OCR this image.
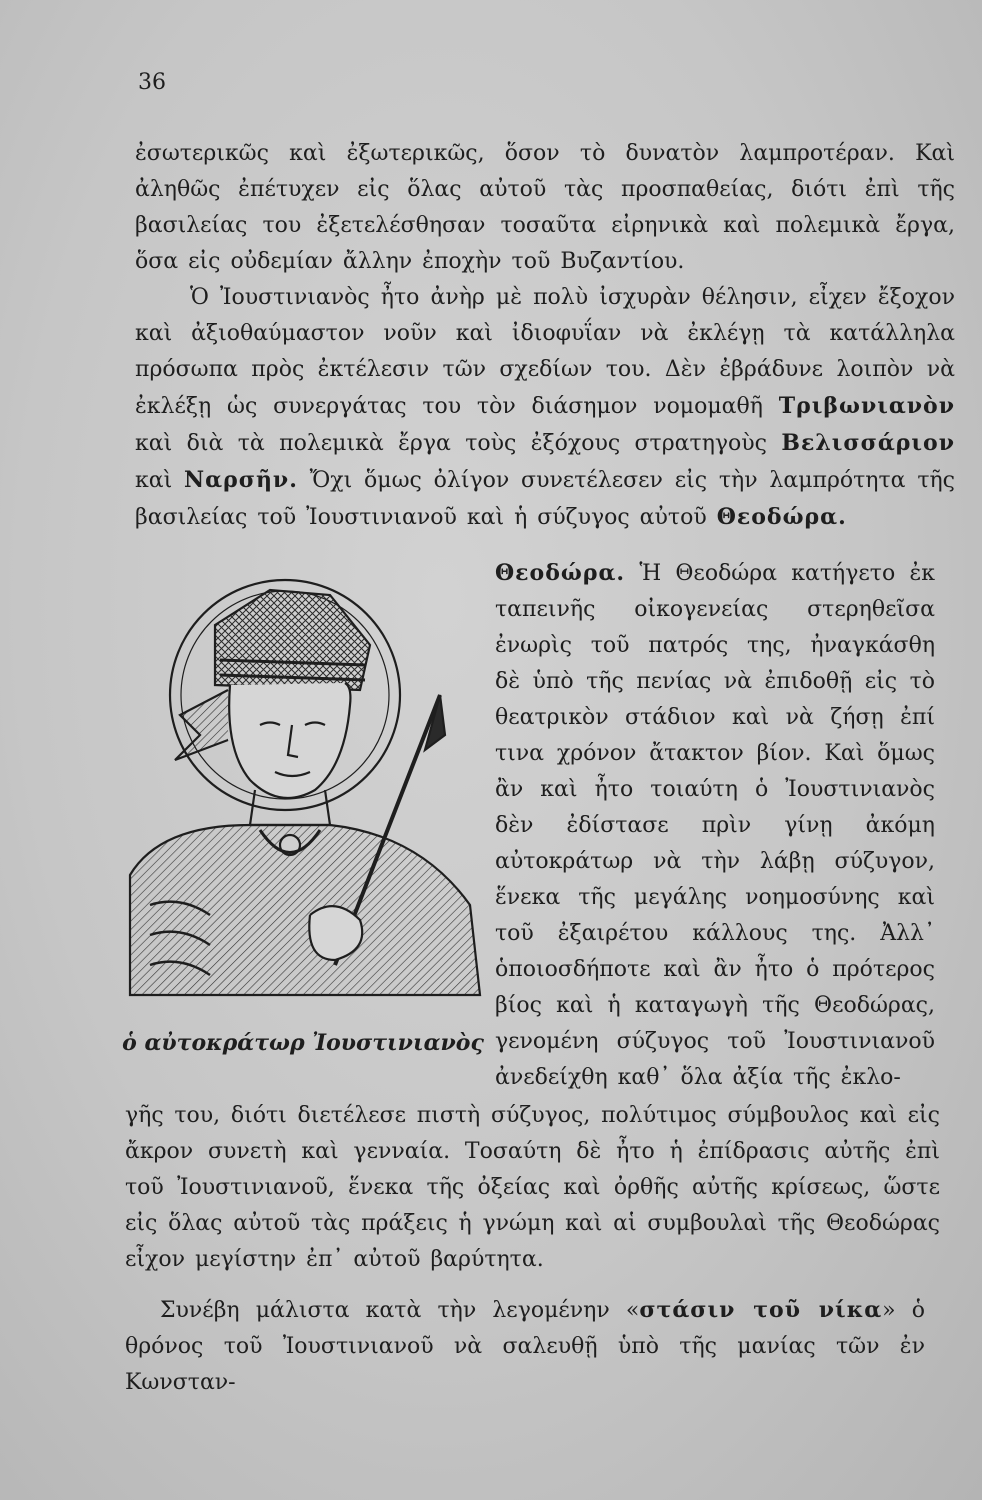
36

ἐσωτερικῶς καὶ ἐξωτερικῶς, ὅσον τὸ δυνατὸν λαμπροτέραν. Καὶ ἀληθῶς ἐπέτυχεν εἰς ὅλας αὐτοῦ τὰς προσπαθείας, διότι ἐπὶ τῆς βασιλείας του ἐξετελέσθησαν τοσαῦτα εἰρηνικὰ καὶ πολεμικὰ ἔργα, ὅσα εἰς οὐδεμίαν ἄλλην ἐποχὴν τοῦ Βυζαντίου.

Ὁ Ἰουστινιανὸς ἦτο ἀνὴρ μὲ πολὺ ἰσχυρὰν θέλησιν, εἶχεν ἔξοχον καὶ ἀξιοθαύμαστον νοῦν καὶ ἰδιοφυΐαν νὰ ἐκλέγῃ τὰ κατάλληλα πρόσωπα πρὸς ἐκτέλεσιν τῶν σχεδίων του. Δὲν ἐβράδυνε λοιπὸν νὰ ἐκλέξῃ ὡς συνεργάτας του τὸν διάσημον νομομαθῆ Τριβωνιανὸν καὶ διὰ τὰ πολεμικὰ ἔργα τοὺς ἐξόχους στρατηγοὺς Βελισσάριον καὶ Ναρσῆν. Ὄχι ὅμως ὀλίγον συνετέλεσεν εἰς τὴν λαμπρότητα τῆς βασιλείας τοῦ Ἰουστινιανοῦ καὶ ἡ σύζυγος αὐτοῦ Θεοδώρα.

Θεοδώρα. Ἡ Θεοδώρα κατήγετο ἐκ ταπεινῆς οἰκογενείας στερηθεῖσα ἐνωρὶς τοῦ πατρός της, ἠναγκάσθη δὲ ὑπὸ τῆς πενίας νὰ ἐπιδοθῇ εἰς τὸ θεατρικὸν στάδιον καὶ νὰ ζήσῃ ἐπί τινα χρόνον ἄτακτον βίον. Καὶ ὅμως ἂν καὶ ἦτο τοιαύτη ὁ Ἰουστινιανὸς δὲν ἐδίστασε πρὶν γίνῃ ἀκόμη αὐτοκράτωρ νὰ τὴν λάβῃ σύζυγον, ἕνεκα τῆς μεγάλης νοημοσύνης καὶ τοῦ ἐξαιρέτου κάλλους της. Ἀλλ᾽ ὁποιοσδήποτε καὶ ἂν ἦτο ὁ πρότερος βίος καὶ ἡ καταγωγὴ τῆς Θεοδώρας, γενομένη σύζυγος τοῦ Ἰουστινιανοῦ ἀνεδείχθη καθ᾽ ὅλα ἀξία τῆς ἐκλο-

ὁ αὐτοκράτωρ Ἰουστινιανὸς

γῆς του, διότι διετέλεσε πιστὴ σύζυγος, πολύτιμος σύμβουλος καὶ εἰς ἄκρον συνετὴ καὶ γενναία. Τοσαύτη δὲ ἦτο ἡ ἐπίδρασις αὐτῆς ἐπὶ τοῦ Ἰουστινιανοῦ, ἕνεκα τῆς ὀξείας καὶ ὀρθῆς αὐτῆς κρίσεως, ὥστε εἰς ὅλας αὐτοῦ τὰς πράξεις ἡ γνώμη καὶ αἱ συμβουλαὶ τῆς Θεοδώρας εἶχον μεγίστην ἐπ᾽ αὐτοῦ βαρύτητα.

Συνέβη μάλιστα κατὰ τὴν λεγομένην «στάσιν τοῦ νίκα» ὁ θρόνος τοῦ Ἰουστινιανοῦ νὰ σαλευθῇ ὑπὸ τῆς μανίας τῶν ἐν Κωνσταν-
